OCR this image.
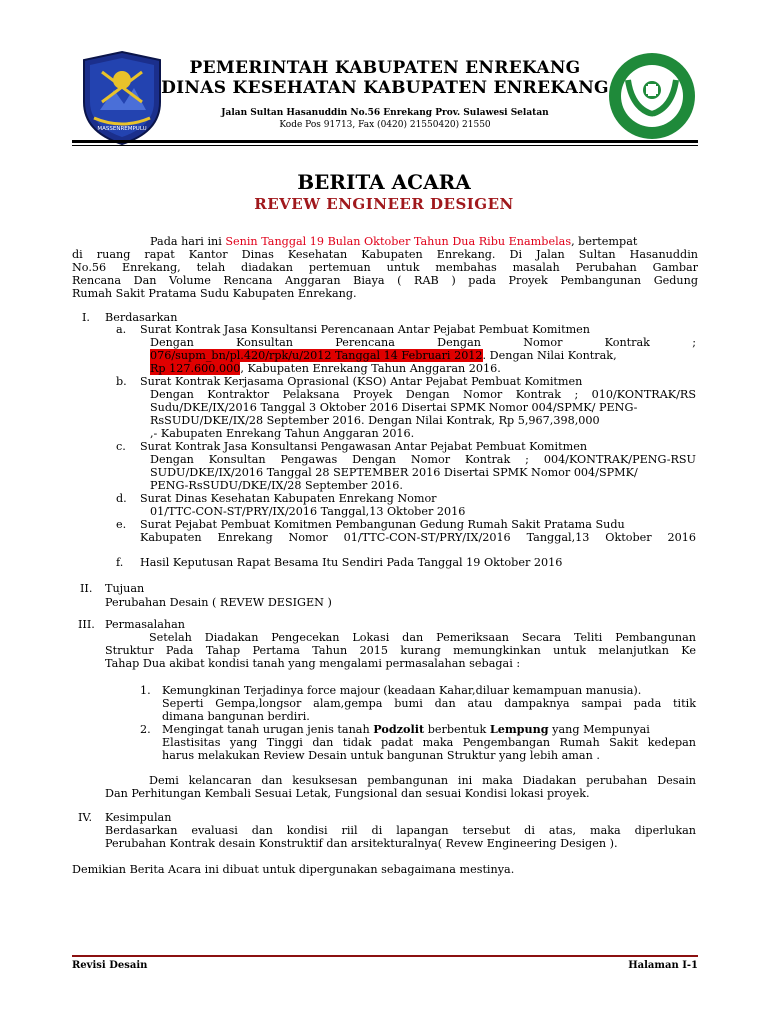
MASSENREMPULU
PEMERINTAH KABUPATEN ENREKANG
DINAS KESEHATAN KABUPATEN ENREKANG
Jalan Sultan Hasanuddin No.56 Enrekang Prov. Sulawesi Selatan
Kode Pos 91713, Fax (0420) 21550420) 21550
BAKTI HUSA
BERITA ACARA
REVEW ENGINEER DESIGEN
Pada hari ini Senin Tanggal 19 Bulan Oktober Tahun Dua Ribu Enambelas, bertempat
di ruang rapat Kantor Dinas Kesehatan Kabupaten Enrekang. Di Jalan Sultan Hasanuddin
No.56 Enrekang, telah diadakan pertemuan untuk membahas masalah Perubahan Gambar
Rencana Dan Volume Rencana Anggaran Biaya ( RAB ) pada Proyek Pembangunan Gedung
Rumah Sakit Pratama Sudu Kabupaten Enrekang.
I. Berdasarkan
a.	Surat Kontrak Jasa Konsultansi Perencanaan Antar Pejabat Pembuat Komitmen
Dengan Konsultan Perencana Dengan Nomor Kontrak ;
076/supm_bn/pl.420/rpk/u/2012 Tanggal 14 Februari 2012. Dengan Nilai Kontrak,
Rp 127.600.000, Kabupaten Enrekang Tahun Anggaran 2016.
b.	Surat Kontrak Kerjasama Oprasional (KSO) Antar Pejabat Pembuat Komitmen
Dengan Kontraktor Pelaksana Proyek Dengan Nomor Kontrak ; 010/KONTRAK/RS
Sudu/DKE/IX/2016 Tanggal 3 Oktober 2016 Disertai SPMK Nomor 004/SPMK/ PENG-
RsSUDU/DKE/IX/28 September 2016. Dengan Nilai Kontrak, Rp 5,967,398,000
,- Kabupaten Enrekang Tahun Anggaran 2016.
c.	Surat Kontrak Jasa Konsultansi Pengawasan Antar Pejabat Pembuat Komitmen
Dengan Konsultan Pengawas Dengan Nomor Kontrak ; 004/KONTRAK/PENG-RSU
SUDU/DKE/IX/2016 Tanggal 28 SEPTEMBER 2016 Disertai SPMK Nomor 004/SPMK/
PENG-RsSUDU/DKE/IX/28 September 2016.
d.	Surat Dinas Kesehatan Kabupaten Enrekang Nomor
01/TTC-CON-ST/PRY/IX/2016 Tanggal,13 Oktober 2016
e.	Surat Pejabat Pembuat Komitmen Pembangunan Gedung Rumah Sakit Pratama Sudu
Kabupaten Enrekang Nomor 01/TTC-CON-ST/PRY/IX/2016 Tanggal,13 Oktober 2016
f.	Hasil Keputusan Rapat Besama Itu Sendiri Pada Tanggal 19 Oktober 2016
II. Tujuan
Perubahan Desain ( REVEW DESIGEN )
III. Permasalahan
Setelah Diadakan Pengecekan Lokasi dan Pemeriksaan Secara Teliti Pembangunan
Struktur Pada Tahap Pertama Tahun 2015 kurang memungkinkan untuk melanjutkan Ke
Tahap Dua akibat kondisi tanah yang mengalami permasalahan sebagai :
1.	Kemungkinan Terjadinya force majour (keadaan Kahar,diluar kemampuan manusia).
Seperti Gempa,longsor alam,gempa bumi dan atau dampaknya sampai pada titik
dimana bangunan berdiri.
2.	Mengingat tanah urugan jenis tanah Podzolit berbentuk Lempung yang Mempunyai
Elastisitas yang Tinggi dan tidak padat maka Pengembangan Rumah Sakit kedepan
harus melakukan Review Desain untuk bangunan Struktur yang lebih aman .
Demi kelancaran dan kesuksesan pembangunan ini maka Diadakan perubahan Desain
Dan Perhitungan Kembali Sesuai Letak, Fungsional dan sesuai Kondisi lokasi proyek.
IV. Kesimpulan
Berdasarkan evaluasi dan kondisi riil di lapangan tersebut di atas, maka diperlukan
Perubahan Kontrak desain Konstruktif dan arsitekturalnya( Revew Engineering Desigen ).
Demikian Berita Acara ini dibuat untuk dipergunakan sebagaimana mestinya.
Revisi Desain	Halaman I-1
